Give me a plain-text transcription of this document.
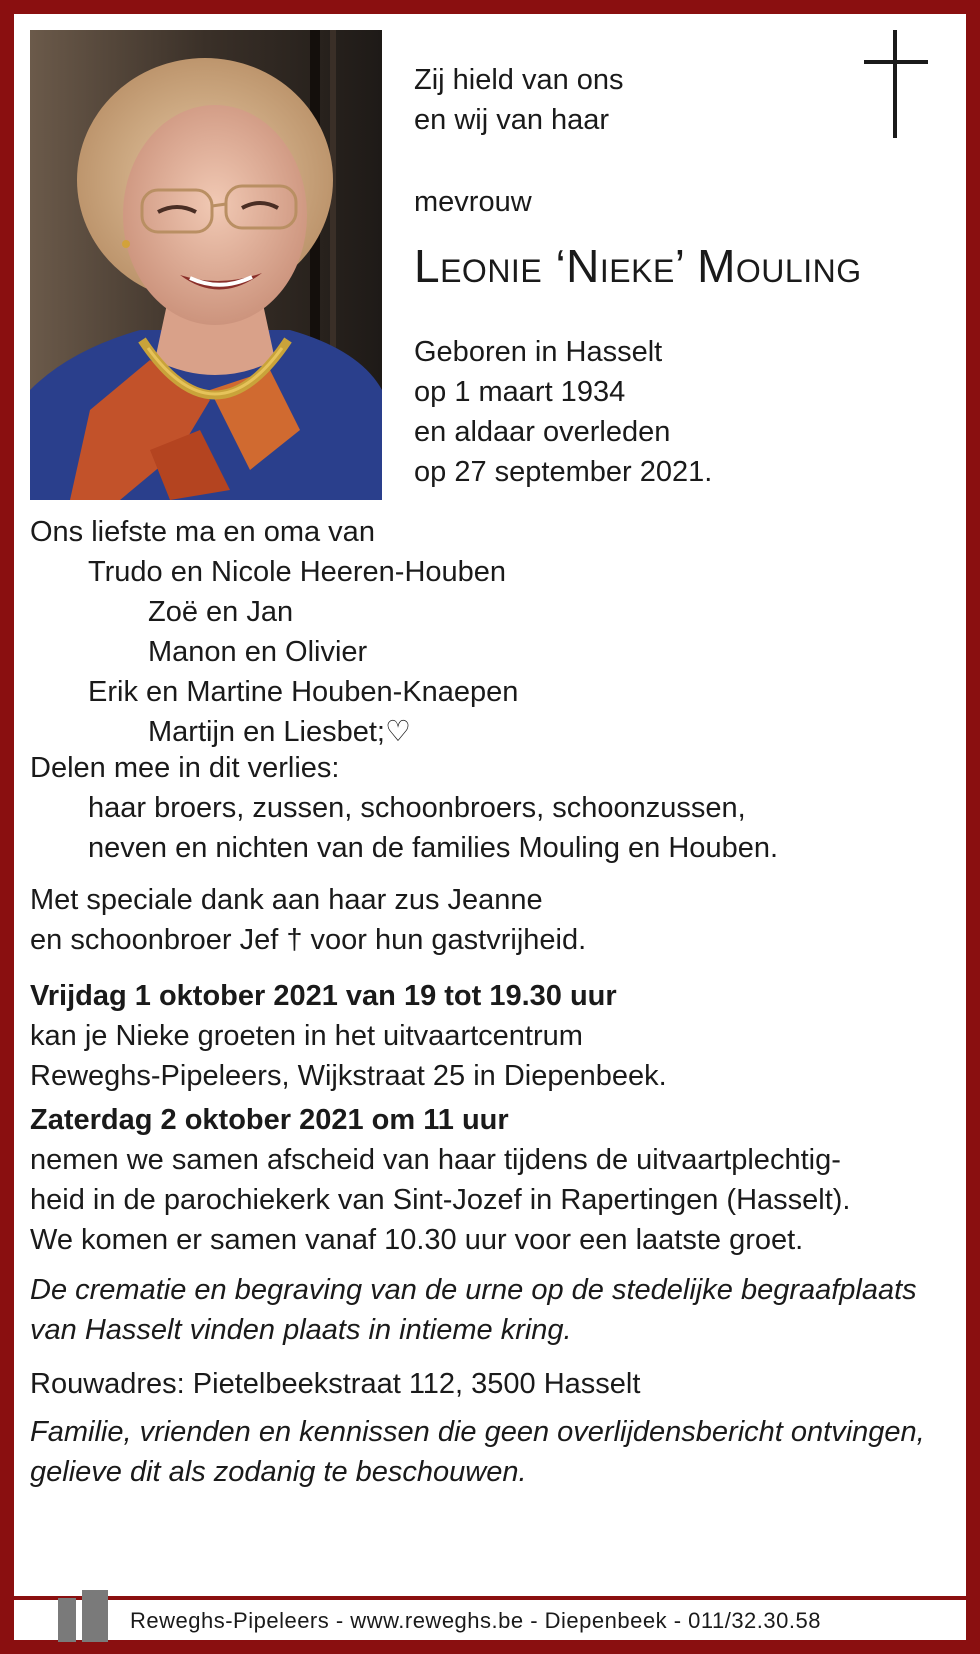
Zij hield van ons
en wij van haar
mevrouw
Leonie ‘Nieke’ Mouling
Geboren in Hasselt
op 1 maart 1934
en aldaar overleden
op 27 september 2021.
Ons liefste ma en oma van
Trudo en Nicole Heeren-Houben
Zoë en Jan
Manon en Olivier
Erik en Martine Houben-Knaepen
Martijn en Liesbet;♡
Delen mee in dit verlies:
haar broers, zussen, schoonbroers, schoonzussen,
neven en nichten van de families Mouling en Houben.
Met speciale dank aan haar zus Jeanne
en schoonbroer Jef † voor hun gastvrijheid.
Vrijdag 1 oktober 2021 van 19 tot 19.30 uur
kan je Nieke groeten in het uitvaartcentrum
Reweghs-Pipeleers, Wijkstraat 25 in Diepenbeek.
Zaterdag 2 oktober 2021 om 11 uur
nemen we samen afscheid van haar tijdens de uitvaartplechtig-
heid in de parochiekerk van Sint-Jozef in Rapertingen (Hasselt).
We komen er samen vanaf 10.30 uur voor een laatste groet.
De crematie en begraving van de urne op de stedelijke begraafplaats
van Hasselt vinden plaats in intieme kring.
Rouwadres: Pietelbeekstraat 112, 3500 Hasselt
Familie, vrienden en kennissen die geen overlijdensbericht ontvingen,
gelieve dit als zodanig te beschouwen.
Reweghs-Pipeleers - www.reweghs.be - Diepenbeek - 011/32.30.58
